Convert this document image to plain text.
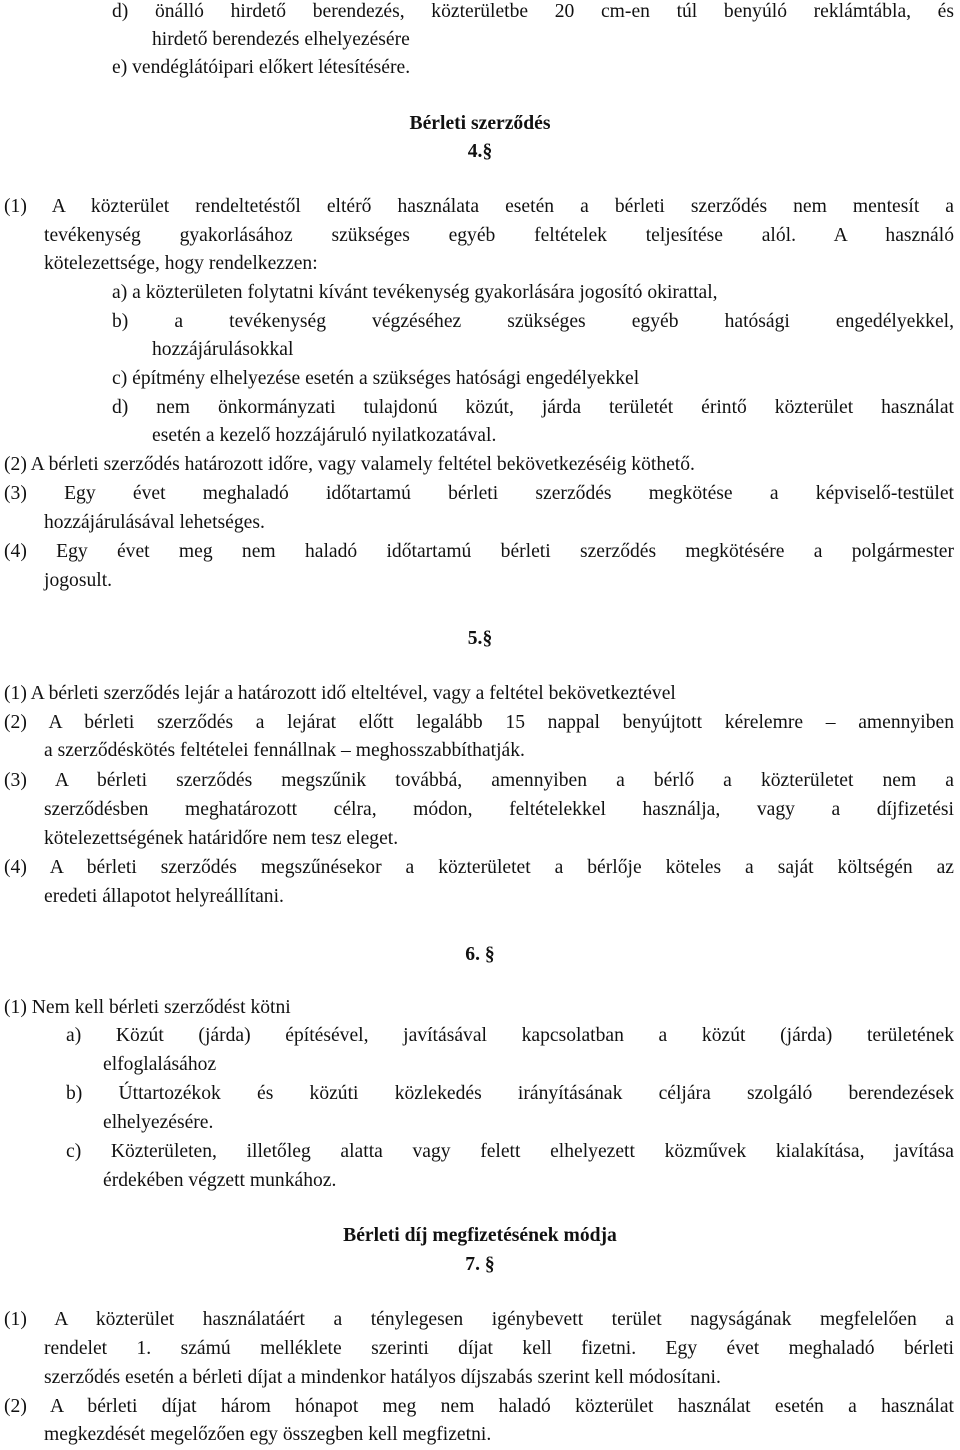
d) önálló hirdető berendezés, közterületbe 20 cm-en túl benyúló reklámtábla, és
hirdető berendezés elhelyezésére
e) vendéglátóipari előkert létesítésére.
Bérleti szerződés
4.§
(1) A közterület rendeltetéstől eltérő használata esetén a bérleti szerződés nem mentesít a
tevékenység gyakorlásához szükséges egyéb feltételek teljesítése alól. A használó
kötelezettsége, hogy rendelkezzen:
a) a közterületen folytatni kívánt tevékenység gyakorlására jogosító okirattal,
b) a tevékenység végzéséhez szükséges egyéb hatósági engedélyekkel,
hozzájárulásokkal
c) építmény elhelyezése esetén a szükséges hatósági engedélyekkel
d) nem önkormányzati tulajdonú közút, járda területét érintő közterület használat
esetén a kezelő hozzájáruló nyilatkozatával.
(2) A bérleti szerződés határozott időre, vagy valamely feltétel bekövetkezéséig köthető.
(3) Egy évet meghaladó időtartamú bérleti szerződés megkötése a képviselő-testület
hozzájárulásával lehetséges.
(4) Egy évet meg nem haladó időtartamú bérleti szerződés megkötésére a polgármester
jogosult.
5.§
(1) A bérleti szerződés lejár a határozott idő elteltével, vagy a feltétel bekövetkeztével
(2) A bérleti szerződés a lejárat előtt legalább 15 nappal benyújtott kérelemre – amennyiben
a szerződéskötés feltételei fennállnak – meghosszabbíthatják.
(3) A bérleti szerződés megszűnik továbbá, amennyiben a bérlő a közterületet nem a
szerződésben meghatározott célra, módon, feltételekkel használja, vagy a díjfizetési
kötelezettségének határidőre nem tesz eleget.
(4) A bérleti szerződés megszűnésekor a közterületet a bérlője köteles a saját költségén az
eredeti állapotot helyreállítani.
6. §
(1) Nem kell bérleti szerződést kötni
a) Közút (járda) építésével, javításával kapcsolatban a közút (járda) területének
elfoglalásához
b) Úttartozékok és közúti közlekedés irányításának céljára szolgáló berendezések
elhelyezésére.
c) Közterületen, illetőleg alatta vagy felett elhelyezett közművek kialakítása, javítása
érdekében végzett munkához.
Bérleti díj megfizetésének módja
7. §
(1) A közterület használatáért a ténylegesen igénybevett terület nagyságának megfelelően a
rendelet 1. számú melléklete szerinti díjat kell fizetni. Egy évet meghaladó bérleti
szerződés esetén a bérleti díjat a mindenkor hatályos díjszabás szerint kell módosítani.
(2) A bérleti díjat három hónapot meg nem haladó közterület használat esetén a használat
megkezdését megelőzően egy összegben kell megfizetni.
